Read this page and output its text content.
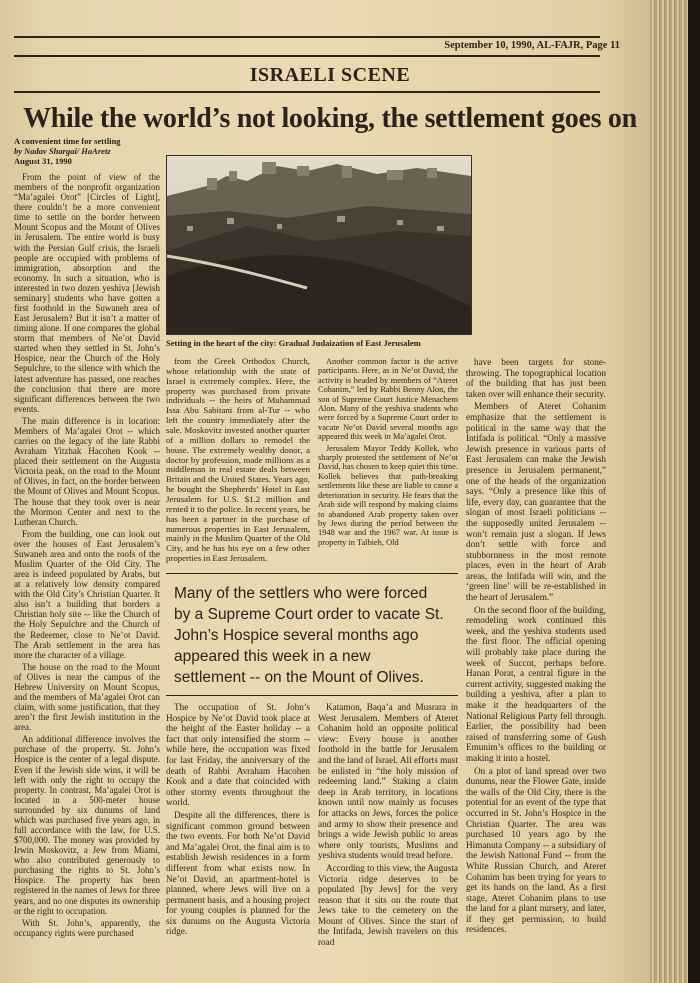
September 10, 1990, AL-FAJR, Page 11
ISRAELI SCENE
While the world’s not looking, the settlement goes on
A convenient time for settling
by Nadav Shargai/ HaAretz
August 31, 1990
Setting in the heart of the city: Gradual Judaization of East Jerusalem

From the point of view of the members of the nonprofit organization “Ma’agalei Orot” [Circles of Light], there couldn’t be a more convenient time to settle on the border between Mount Scopus and the Mount of Olives in Jerusalem. The entire world is busy with the Persian Gulf crisis, the Israeli people are occupied with problems of immigration, absorption and the economy. In such a situation, who is interested in two dozen yeshiva [Jewish seminary] students who have gotten a first foothold in the Suwaneh area of East Jerusalem? But it isn’t a matter of timing alone. If one compares the global storm that members of Ne’ot David started when they settled in St. John’s Hospice, near the Church of the Holy Sepulchre, to the silence with which the latest adventure has passed, one reaches the conclusion that there are more significant differences between the two events.

The main difference is in location: Members of Ma’agalei Orot -- which carries on the legacy of the late Rabbi Avraham Yitzhak Hacohen Kook -- placed their settlement on the Augusta Victoria peak, on the road to the Mount of Olives, in fact, on the border between the Mount of Olives and Mount Scopus. The house that they took over is near the Mormon Center and next to the Lutheran Church.

From the building, one can look out over the houses of East Jerusalem’s Suwaneh area and onto the roofs of the Muslim Quarter of the Old City. The area is indeed populated by Arabs, but at a relatively low density compared with the Old City’s Christian Quarter. It also isn’t a building that borders a Christian holy site -- like the Church of the Holy Sepulchre and the Church of the Redeemer, close to Ne’ot David. The Arab settlement in the area has more the character of a village.

The house on the road to the Mount of Olives is near the campus of the Hebrew University on Mount Scopus, and the members of Ma’agalei Orot can claim, with some justification, that they aren’t the first Jewish institution in the area.

An additional difference involves the purchase of the property. St. John’s Hospice is the center of a legal dispute. Even if the Jewish side wins, it will be left with only the right to occupy the property. In contrast, Ma’agalei Orot is located in a 500-meter house surrounded by six dunums of land which was purchased five years ago, in full accordance with the law, for U.S. $700,000. The money was provided by Irwin Moskovitz, a Jew from Miami, who also contributed generously to purchasing the rights to St. John’s Hospice. The property has been registered in the names of Jews for three years, and no one disputes its ownership or the right to occupation.

With St. John’s, apparently, the occupancy rights were purchased

from the Greek Orthodox Church, whose relationship with the state of Israel is extremely complex. Here, the property was purchased from private individuals -- the heirs of Muhammad Issa Abu Sabitani from al-Tur -- who left the country immediately after the sale. Moskovitz invested another quarter of a million dollars to remodel the house. The extremely wealthy donor, a doctor by profession, made millions as a middleman in real estate deals between Britain and the United States. Years ago, he bought the Shepherds’ Hotel in East Jerusalem for U.S. $1.2 million and rented it to the police. In recent years, he has been a partner in the purchase of numerous properties in East Jerusalem, mainly in the Muslim Quarter of the Old City, and he has his eye on a few other properties in East Jerusalem.

Another common factor is the active participants. Here, as in Ne’ot David, the activity is headed by members of “Ateret Cohanim,” led by Rabbi Benny Alon, the son of Supreme Court Justice Menachem Alon. Many of the yeshiva students who were forced by a Supreme Court order to vacate Ne’ot David several months ago appeared this week in Ma’agalei Orot.

Jerusalem Mayor Teddy Kollek, who sharply protested the settlement of Ne’ot David, has chosen to keep quiet this time. Kollek believes that path-breaking settlements like these are liable to cause a deterioration in security. He fears that the Arab side will respond by making claims to abandoned Arab property taken over by Jews during the period between the 1948 war and the 1967 war. At issue is property in Talbieh, Old

have been targets for stone-throwing. The topographical location of the building that has just been taken over will enhance their security.

Members of Ateret Cohanim emphasize that the settlement is political in the same way that the Intifada is political. “Only a massive Jewish presence in various parts of East Jerusalem can make the Jewish presence in Jerusalem permanent,” one of the heads of the organization says. “Only a presence like this of life, every day, can guarantee that the slogan of most Israeli politicians -- the supposedly united Jerusalem -- won’t remain just a slogan. If Jews don’t settle with force and stubbornness in the most remote places, even in the heart of Arab areas, the Intifada will win, and the ‘green line’ will be re-established in the heart of Jerusalem.”

On the second floor of the building, remodeling work continued this week, and the yeshiva students used the first floor. The official opening will probably take place during the week of Succot, perhaps before. Hanan Porat, a central figure in the current activity, suggested making the building a yeshiva, after a plan to make it the headquarters of the National Religious Party fell through. Earlier, the possibility had been raised of transferring some of Gush Emunim’s offices to the building or making it into a hostel.

On a plot of land spread over two dunums, near the Flower Gate, inside the walls of the Old City, there is the potential for an event of the type that occurred in St. John’s Hospice in the Christian Quarter. The area was purchased 10 years ago by the Himanuta Company -- a subsidiary of the Jewish National Fund -- from the White Russian Church, and Ateret Cohanim has been trying for years to get its hands on the land. As a first stage, Ateret Cohanim plans to use the land for a plant nursery, and later, if they get permission, to build residences.

Many of the settlers who were forced by a Supreme Court order to vacate St. John’s Hospice several months ago appeared this week in a new settlement -- on the Mount of Olives.

The occupation of St. John’s Hospice by Ne’ot David took place at the height of the Easter holiday -- a fact that only intensified the storm -- while here, the occupation was fixed for last Friday, the anniversary of the death of Rabbi Avraham Hacohen Kook and a date that coincided with other stormy events throughout the world.

Despite all the differences, there is significant common ground between the two events. For both Ne’ot David and Ma’agalei Orot, the final aim is to establish Jewish residences in a form different from what exists now. In Ne’ot David, an apartment-hotel is planned, where Jews will live on a permanent basis, and a housing project for young couples is planned for the six dunums on the Augusta Victoria ridge.

Katamon, Baqa’a and Musrara in West Jerusalem. Members of Ateret Cohanim hold an opposite political view: Every house is another foothold in the battle for Jerusalem and the land of Israel. All efforts must be enlisted in “the holy mission of redeeming land.” Staking a claim deep in Arab territory, in locations known until now mainly as focuses for attacks on Jews, forces the police and army to show their presence and brings a wide Jewish public to areas where only tourists, Muslims and yeshiva students would tread before.

According to this view, the Augusta Victoria ridge deserves to be populated [by Jews] for the very reason that it sits on the route that Jews take to the cemetery on the Mount of Olives. Since the start of the Intifada, Jewish travelers on this road
